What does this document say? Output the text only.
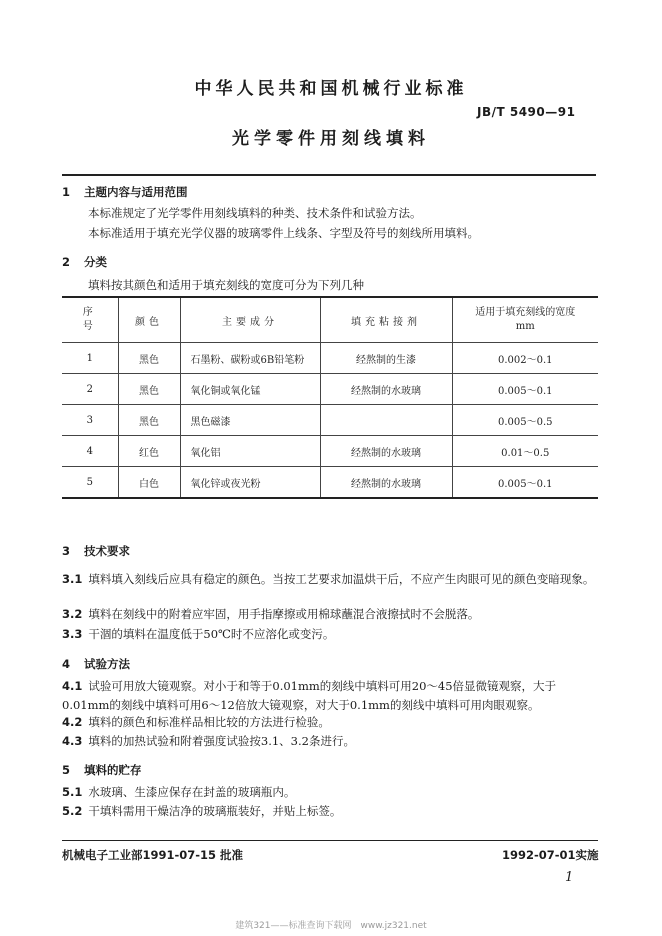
中华人民共和国机械行业标准
JB/T 5490—91
光学零件用刻线填料
1 主题内容与适用范围
本标准规定了光学零件用刻线填料的种类、技术条件和试验方法。
本标准适用于填充光学仪器的玻璃零件上线条、字型及符号的刻线所用填料。
2 分类
填料按其颜色和适用于填充刻线的宽度可分为下列几种
序
号	颜色	主要成分	填充粘接剂	适用于填充刻线的宽度
mm

1	黑色	石墨粉、碳粉或6B铅笔粉	经熬制的生漆	0.002～0.1
2	黑色	氧化铜或氧化锰	经熬制的水玻璃	0.005～0.1
3	黑色	黑色磁漆		0.005～0.5
4	红色	氧化铝	经熬制的水玻璃	0.01～0.5
5	白色	氧化锌或夜光粉	经熬制的水玻璃	0.005～0.1
3 技术要求
3.1 填料填入刻线后应具有稳定的颜色。当按工艺要求加温烘干后，不应产生肉眼可见的颜色变暗现象。
3.2 填料在刻线中的附着应牢固，用手指摩擦或用棉球蘸混合液擦拭时不会脱落。
3.3 干涸的填料在温度低于50℃时不应溶化或变污。
4 试验方法
4.1 试验可用放大镜观察。对小于和等于0.01mm的刻线中填料可用20～45倍显微镜观察，大于0.01mm的刻线中填料可用6～12倍放大镜观察，对大于0.1mm的刻线中填料可用肉眼观察。
4.2 填料的颜色和标准样品相比较的方法进行检验。
4.3 填料的加热试验和附着强度试验按3.1、3.2条进行。
5 填料的贮存
5.1 水玻璃、生漆应保存在封盖的玻璃瓶内。
5.2 干填料需用干燥洁净的玻璃瓶装好，并贴上标签。
机械电子工业部1991-07-15 批准	1992-07-01实施
1
建筑321——标准查询下载网　www.jz321.net
